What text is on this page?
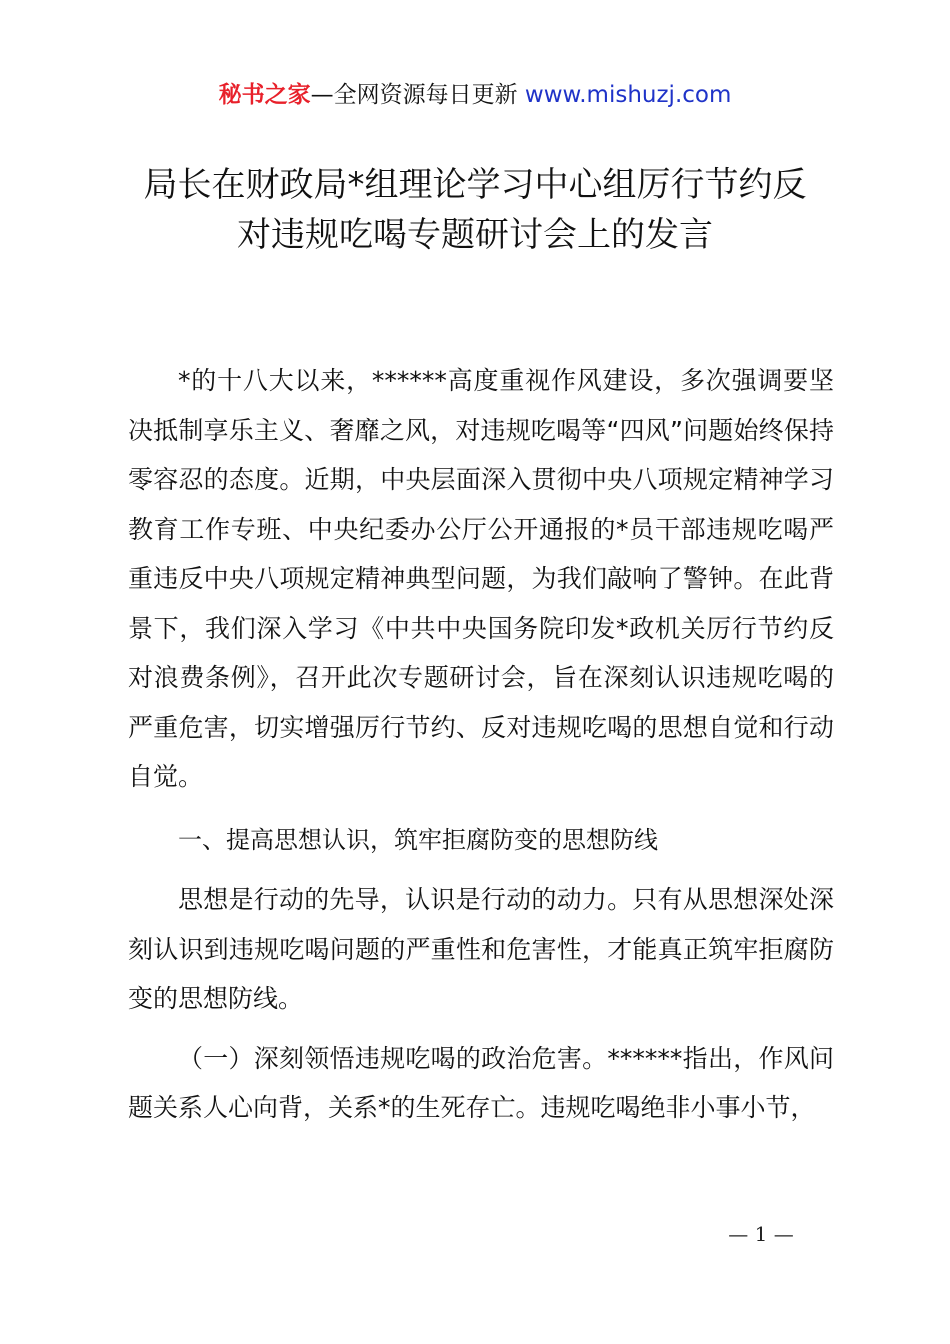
秘书之家—全网资源每日更新 www.mishuzj.com
局长在财政局*组理论学习中心组厉行节约反
对违规吃喝专题研讨会上的发言

*的十八大以来，******高度重视作风建设，多次强调要坚决抵制享乐主义、奢靡之风，对违规吃喝等“四风”问题始终保持零容忍的态度。近期，中央层面深入贯彻中央八项规定精神学习教育工作专班、中央纪委办公厅公开通报的*员干部违规吃喝严重违反中央八项规定精神典型问题，为我们敲响了警钟。在此背景下，我们深入学习《中共中央国务院印发*政机关厉行节约反对浪费条例》，召开此次专题研讨会，旨在深刻认识违规吃喝的严重危害，切实增强厉行节约、反对违规吃喝的思想自觉和行动自觉。

一、提高思想认识，筑牢拒腐防变的思想防线

思想是行动的先导，认识是行动的动力。只有从思想深处深刻认识到违规吃喝问题的严重性和危害性，才能真正筑牢拒腐防变的思想防线。

（一）深刻领悟违规吃喝的政治危害。******指出，作风问题关系人心向背，关系*的生死存亡。违规吃喝绝非小事小节，

— 1 —
